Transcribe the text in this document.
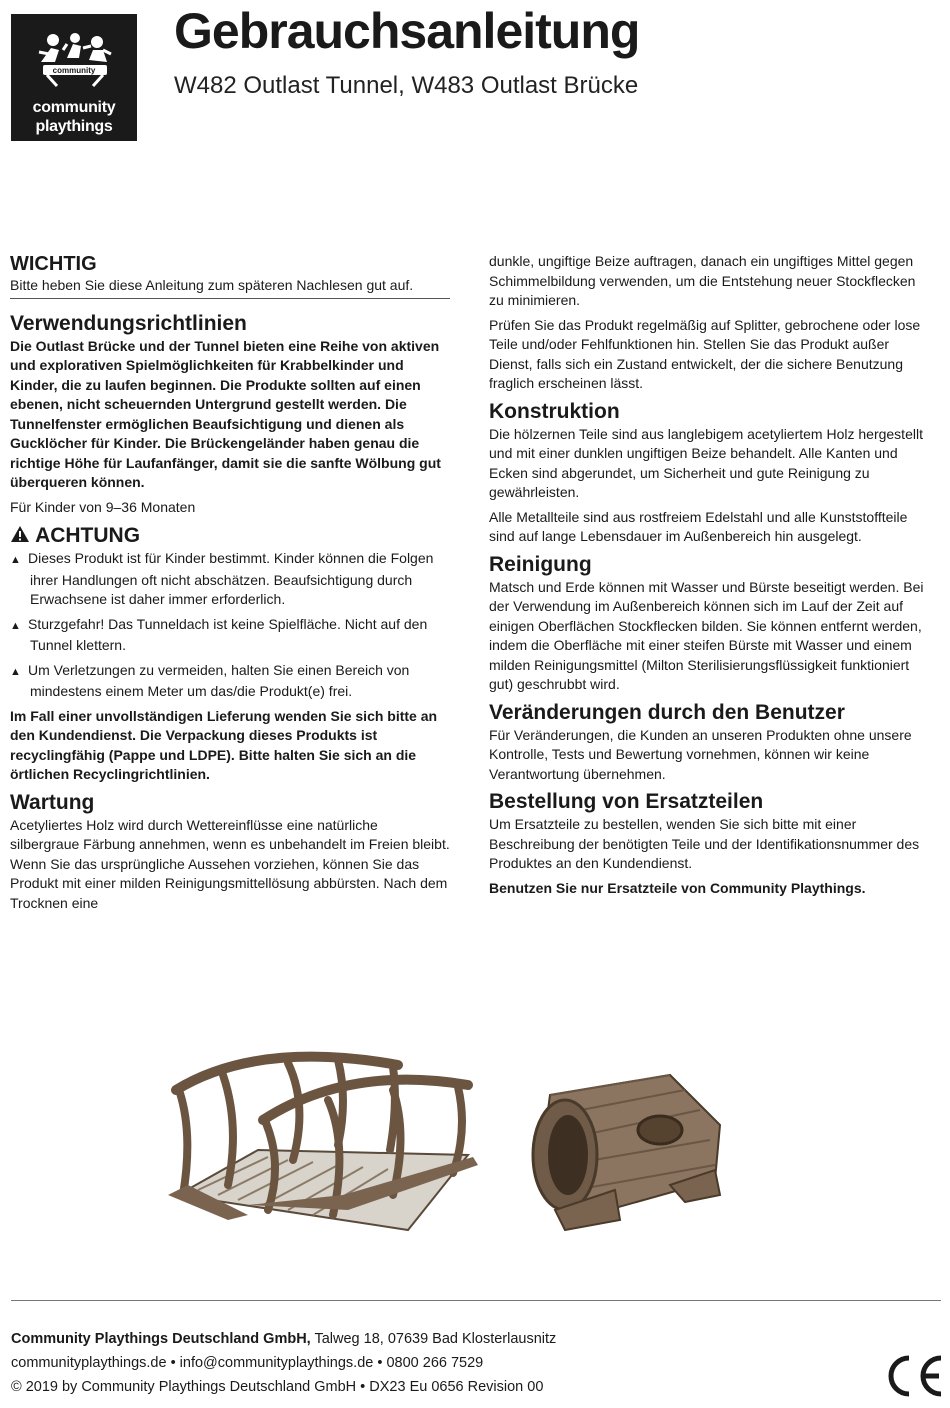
community
community
playthings
Gebrauchsanleitung
W482 Outlast Tunnel, W483 Outlast Brücke
WICHTIG

Bitte heben Sie diese Anleitung zum späteren Nachlesen gut auf.

Verwendungsrichtlinien

Die Outlast Brücke und der Tunnel bieten eine Reihe von aktiven und explorativen Spielmöglichkeiten für Krabbelkinder und Kinder, die zu laufen beginnen. Die Produkte sollten auf einen ebenen, nicht scheuernden Untergrund gestellt werden. Die Tunnelfenster ermöglichen Beaufsichtigung und dienen als Gucklöcher für Kinder. Die Brückengeländer haben genau die richtige Höhe für Laufanfänger, damit sie die sanfte Wölbung gut überqueren können.

Für Kinder von 9–36 Monaten

ACHTUNG
▲ Dieses Produkt ist für Kinder bestimmt. Kinder können die Folgen ihrer Handlungen oft nicht abschätzen. Beaufsichtigung durch Erwachsene ist daher immer erforderlich.
▲ Sturzgefahr! Das Tunneldach ist keine Spielfläche. Nicht auf den Tunnel klettern.
▲ Um Verletzungen zu vermeiden, halten Sie einen Bereich von mindestens einem Meter um das/die Produkt(e) frei.

Im Fall einer unvollständigen Lieferung wenden Sie sich bitte an den Kundendienst. Die Verpackung dieses Produkts ist recyclingfähig (Pappe und LDPE). Bitte halten Sie sich an die örtlichen Recyclingrichtlinien.

Wartung

Acetyliertes Holz wird durch Wettereinflüsse eine natürliche silbergraue Färbung annehmen, wenn es unbehandelt im Freien bleibt. Wenn Sie das ursprüngliche Aussehen vorziehen, können Sie das Produkt mit einer milden Reinigungsmittellösung abbürsten. Nach dem Trocknen eine

dunkle, ungiftige Beize auftragen, danach ein ungiftiges Mittel gegen Schimmelbildung verwenden, um die Entstehung neuer Stockflecken zu minimieren.

Prüfen Sie das Produkt regelmäßig auf Splitter, gebrochene oder lose Teile und/oder Fehlfunktionen hin. Stellen Sie das Produkt außer Dienst, falls sich ein Zustand entwickelt, der die sichere Benutzung fraglich erscheinen lässt.

Konstruktion

Die hölzernen Teile sind aus langlebigem acetyliertem Holz hergestellt und mit einer dunklen ungiftigen Beize behandelt. Alle Kanten und Ecken sind abgerundet, um Sicherheit und gute Reinigung zu gewährleisten.

Alle Metallteile sind aus rostfreiem Edelstahl und alle Kunststoffteile sind auf lange Lebensdauer im Außenbereich hin ausgelegt.

Reinigung

Matsch und Erde können mit Wasser und Bürste beseitigt werden. Bei der Verwendung im Außenbereich können sich im Lauf der Zeit auf einigen Oberflächen Stockflecken bilden. Sie können entfernt werden, indem die Oberfläche mit einer steifen Bürste mit Wasser und einem milden Reinigungsmittel (Milton Sterilisierungsflüssigkeit funktioniert gut) geschrubbt wird.

Veränderungen durch den Benutzer

Für Veränderungen, die Kunden an unseren Produkten ohne unsere Kontrolle, Tests und Bewertung vornehmen, können wir keine Verantwortung übernehmen.

Bestellung von Ersatzteilen

Um Ersatzteile zu bestellen, wenden Sie sich bitte mit einer Beschreibung der benötigten Teile und der Identifikationsnummer des Produktes an den Kundendienst.

Benutzen Sie nur Ersatzteile von Community Playthings.

Community Playthings Deutschland GmbH, Talweg 18, 07639 Bad Klosterlausnitz
communityplaythings.de • info@communityplaythings.de • 0800 266 7529
© 2019 by Community Playthings Deutschland GmbH • DX23 Eu 0656 Revision 00
